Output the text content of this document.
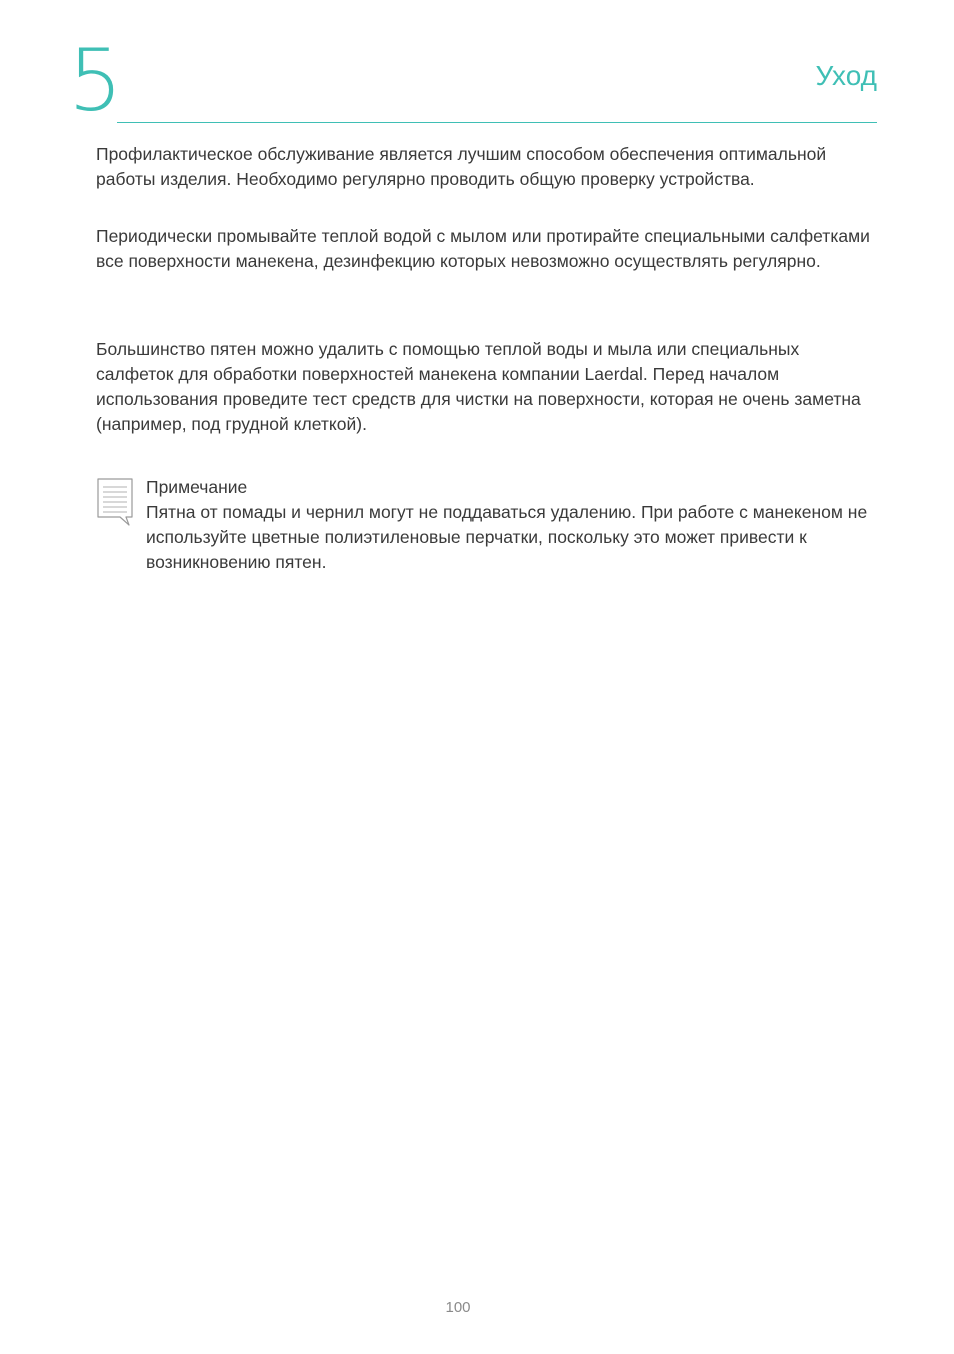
5	Уход

Профилактическое обслуживание является лучшим способом обеспечения оптимальной работы изделия. Необходимо регулярно проводить общую проверку устройства.

Периодически промывайте теплой водой с мылом или протирайте специальными салфетками все поверхности манекена, дезинфекцию которых невозможно осуществлять регулярно.

Большинство пятен можно удалить с помощью теплой воды и мыла или специальных салфеток для обработки поверхностей манекена компании Laerdal. Перед началом использования проведите тест средств для чистки на поверхности, которая не очень заметна (например, под грудной клеткой).

Примечание
Пятна от помады и чернил могут не поддаваться удалению. При работе с манекеном не используйте цветные полиэтиленовые перчатки, поскольку это может привести к возникновению пятен.
100
